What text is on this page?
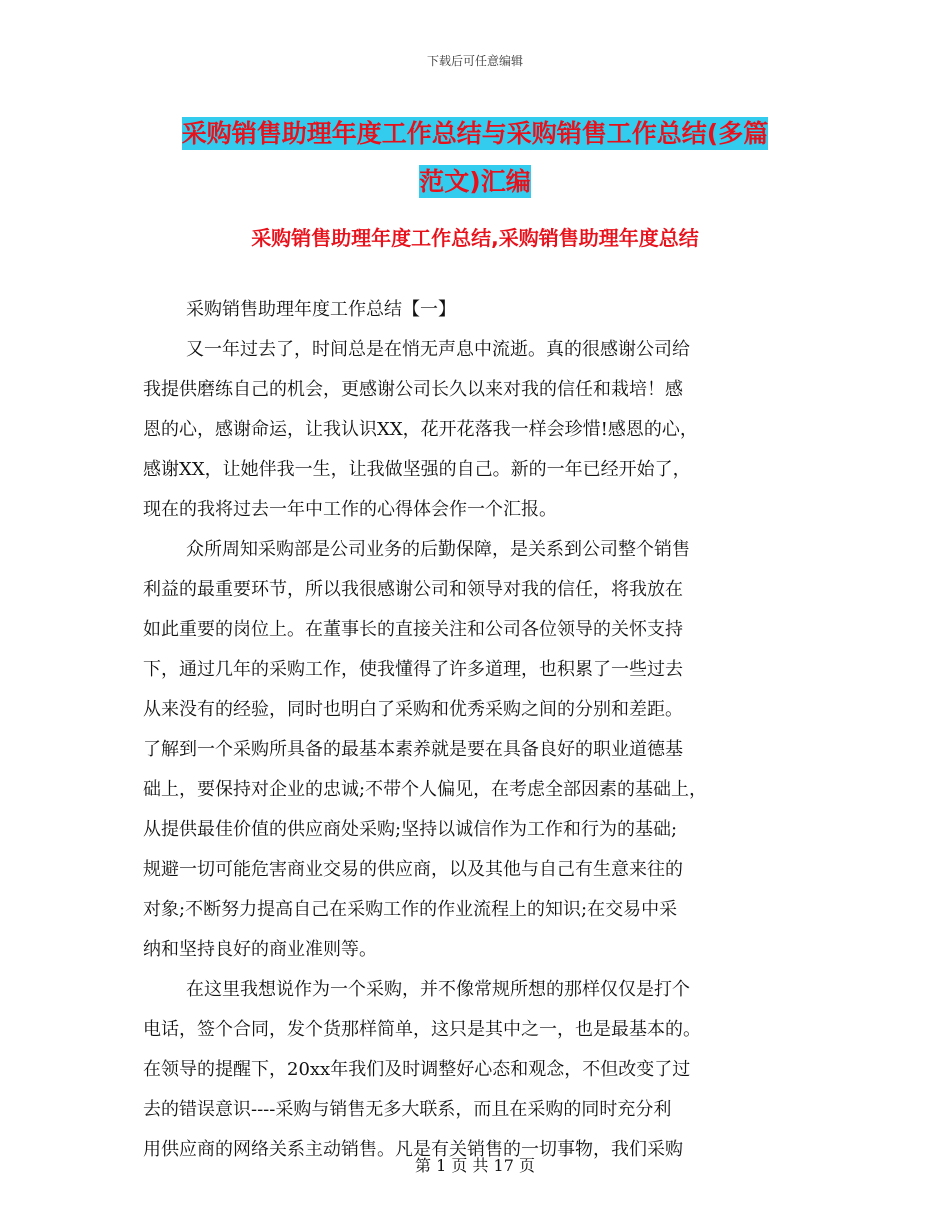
下载后可任意编辑
采购销售助理年度工作总结与采购销售工作总结(多篇
范文)汇编
采购销售助理年度工作总结,采购销售助理年度总结
采购销售助理年度工作总结【一】
又一年过去了，时间总是在悄无声息中流逝。真的很感谢公司给
我提供磨练自己的机会，更感谢公司长久以来对我的信任和栽培！感
恩的心，感谢命运，让我认识XX，花开花落我一样会珍惜!感恩的心，
感谢XX，让她伴我一生，让我做坚强的自己。新的一年已经开始了，
现在的我将过去一年中工作的心得体会作一个汇报。
众所周知采购部是公司业务的后勤保障，是关系到公司整个销售
利益的最重要环节，所以我很感谢公司和领导对我的信任，将我放在
如此重要的岗位上。在董事长的直接关注和公司各位领导的关怀支持
下，通过几年的采购工作，使我懂得了许多道理，也积累了一些过去
从来没有的经验，同时也明白了采购和优秀采购之间的分别和差距。
了解到一个采购所具备的最基本素养就是要在具备良好的职业道德基
础上，要保持对企业的忠诚;不带个人偏见，在考虑全部因素的基础上，
从提供最佳价值的供应商处采购;坚持以诚信作为工作和行为的基础;
规避一切可能危害商业交易的供应商，以及其他与自己有生意来往的
对象;不断努力提高自己在采购工作的作业流程上的知识;在交易中采
纳和坚持良好的商业准则等。
在这里我想说作为一个采购，并不像常规所想的那样仅仅是打个
电话，签个合同，发个货那样简单，这只是其中之一，也是最基本的。
在领导的提醒下，20xx年我们及时调整好心态和观念，不但改变了过
去的错误意识----采购与销售无多大联系，而且在采购的同时充分利
用供应商的网络关系主动销售。凡是有关销售的一切事物，我们采购
第 1 页 共 17 页
